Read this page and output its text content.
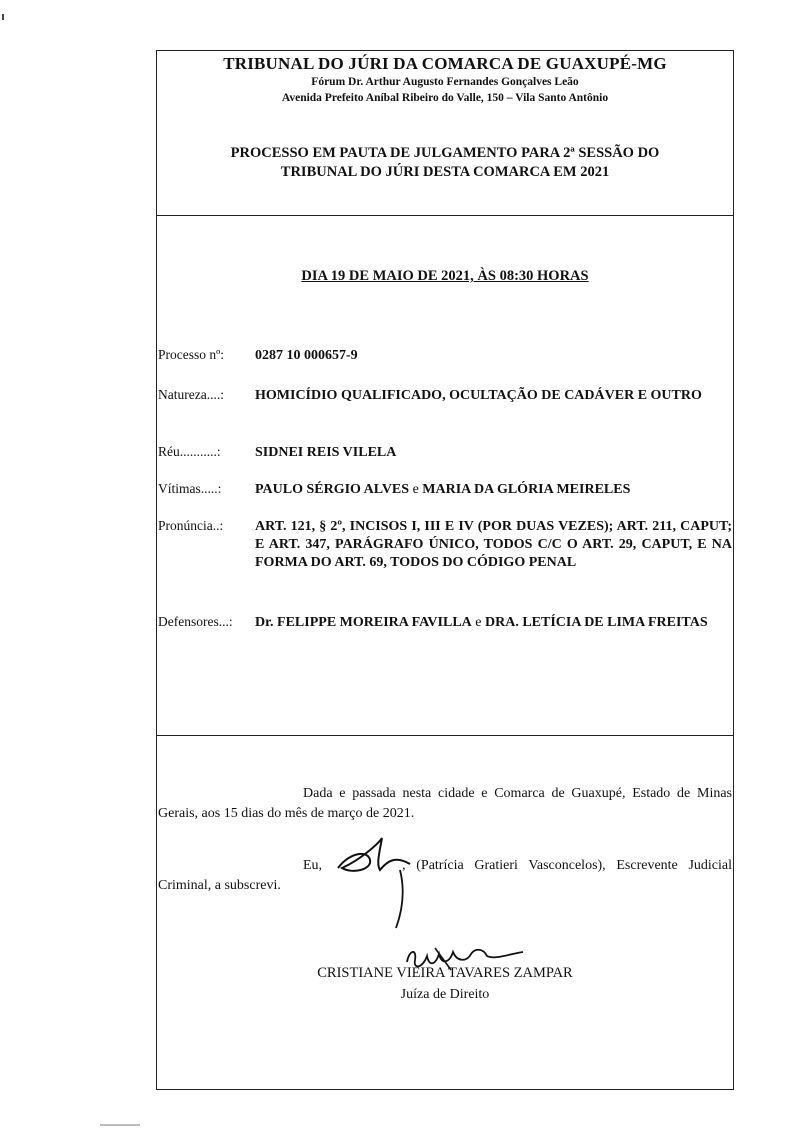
TRIBUNAL DO JÚRI DA COMARCA DE GUAXUPÉ-MG
Fórum Dr. Arthur Augusto Fernandes Gonçalves Leão
Avenida Prefeito Aníbal Ribeiro do Valle, 150 – Vila Santo Antônio
PROCESSO EM PAUTA DE JULGAMENTO PARA 2ª SESSÃO DO
TRIBUNAL DO JÚRI DESTA COMARCA EM 2021
DIA 19 DE MAIO DE 2021, ÀS 08:30 HORAS
Processo nº: 0287 10 000657-9
Natureza....: HOMICÍDIO QUALIFICADO, OCULTAÇÃO DE CADÁVER E OUTRO
Réu...........: SIDNEI REIS VILELA
Vítimas.....: PAULO SÉRGIO ALVES e MARIA DA GLÓRIA MEIRELES
Pronúncia..: ART. 121, § 2º, INCISOS I, III E IV (POR DUAS VEZES); ART. 211, CAPUT; E ART. 347, PARÁGRAFO ÚNICO, TODOS C/C O ART. 29, CAPUT, E NA FORMA DO ART. 69, TODOS DO CÓDIGO PENAL
Defensores...: Dr. FELIPPE MOREIRA FAVILLA e DRA. LETÍCIA DE LIMA FREITAS
Dada e passada nesta cidade e Comarca de Guaxupé, Estado de Minas Gerais, aos 15 dias do mês de março de 2021.
Eu,	, (Patrícia Gratieri Vasconcelos), Escrevente Judicial Criminal, a subscrevi.
CRISTIANE VIEIRA TAVARES ZAMPAR
Juíza de Direito
